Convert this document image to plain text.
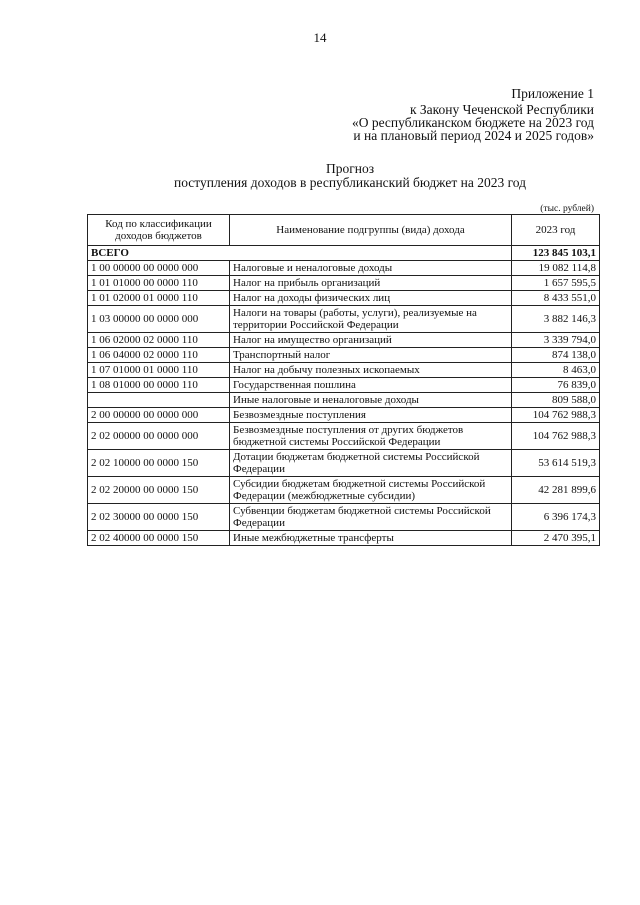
14
Приложение 1
к Закону Чеченской Республики
«О республиканском бюджете на 2023 год
и на плановый период 2024 и 2025 годов»
Прогноз
поступления доходов в республиканский бюджет на 2023 год
(тыс. рублей)
Код по классификации доходов бюджетов	Наименование подгруппы (вида) дохода	2023 год
ВСЕГО		123 845 103,1
1 00 00000 00 0000 000	Налоговые и неналоговые доходы	19 082 114,8
1 01 01000 00 0000 110	Налог на прибыль организаций	1 657 595,5
1 01 02000 01 0000 110	Налог на доходы физических лиц	8 433 551,0
1 03 00000 00 0000 000	Налоги на товары (работы, услуги), реализуемые на территории Российской Федерации	3 882 146,3
1 06 02000 02 0000 110	Налог на имущество организаций	3 339 794,0
1 06 04000 02 0000 110	Транспортный налог	874 138,0
1 07 01000 01 0000 110	Налог на добычу полезных ископаемых	8 463,0
1 08 01000 00 0000 110	Государственная пошлина	76 839,0
	Иные налоговые и неналоговые доходы	809 588,0
2 00 00000 00 0000 000	Безвозмездные поступления	104 762 988,3
2 02 00000 00 0000 000	Безвозмездные поступления от других бюджетов бюджетной системы Российской Федерации	104 762 988,3
2 02 10000 00 0000 150	Дотации бюджетам бюджетной системы Российской Федерации	53 614 519,3
2 02 20000 00 0000 150	Субсидии бюджетам бюджетной системы Российской Федерации (межбюджетные субсидии)	42 281 899,6
2 02 30000 00 0000 150	Субвенции бюджетам бюджетной системы Российской Федерации	6 396 174,3
2 02 40000 00 0000 150	Иные межбюджетные трансферты	2 470 395,1
